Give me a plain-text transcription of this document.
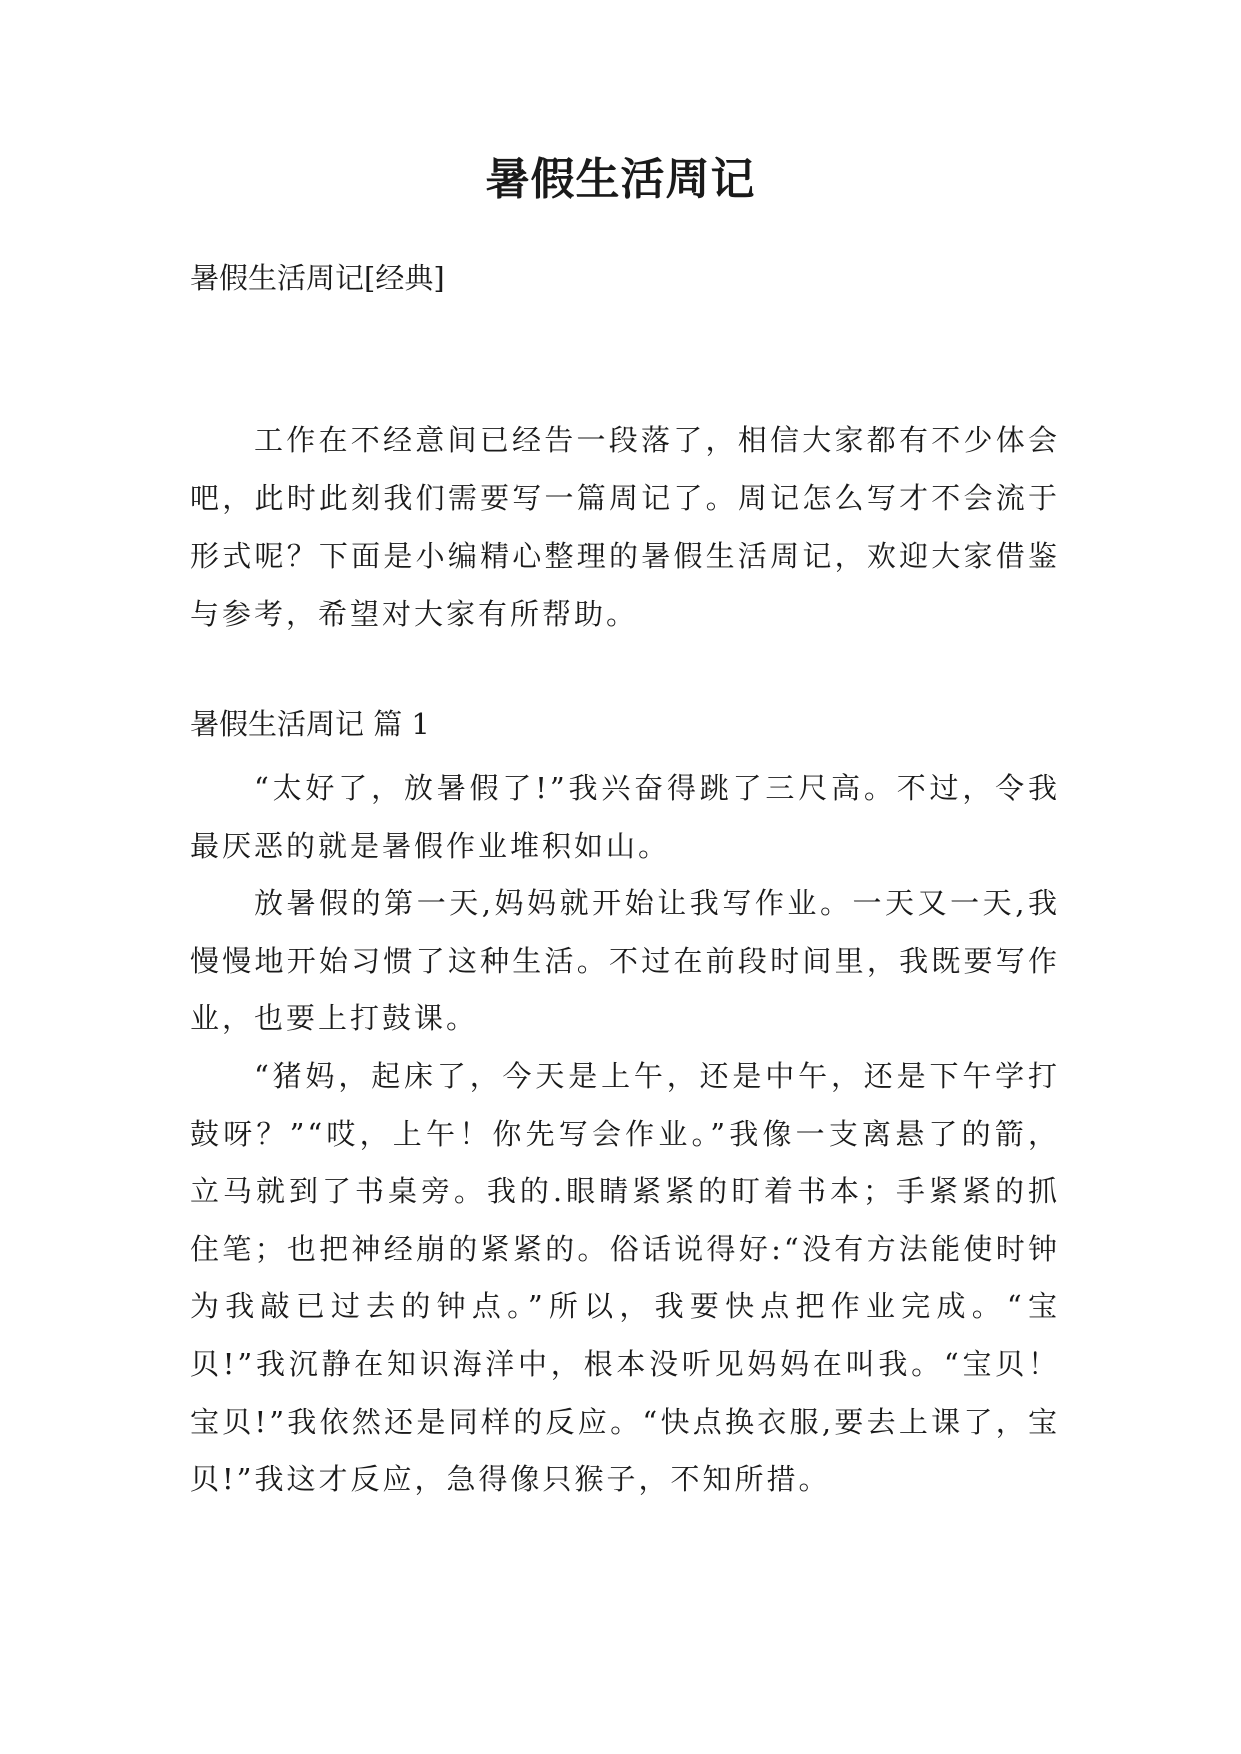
暑假生活周记

暑假生活周记[经典]

工作在不经意间已经告一段落了，相信大家都有不少体会吧，此时此刻我们需要写一篇周记了。周记怎么写才不会流于形式呢？下面是小编精心整理的暑假生活周记，欢迎大家借鉴与参考，希望对大家有所帮助。

暑假生活周记 篇 1

“太好了，放暑假了!”我兴奋得跳了三尺高。不过，令我最厌恶的就是暑假作业堆积如山。

放暑假的第一天,妈妈就开始让我写作业。一天又一天,我慢慢地开始习惯了这种生活。不过在前段时间里，我既要写作业，也要上打鼓课。

“猪妈，起床了，今天是上午，还是中午，还是下午学打鼓呀？”“哎，上午！你先写会作业。”我像一支离悬了的箭，立马就到了书桌旁。我的.眼睛紧紧的盯着书本；手紧紧的抓住笔；也把神经崩的紧紧的。俗话说得好:“没有方法能使时钟为我敲已过去的钟点。”所以，我要快点把作业完成。“宝贝!”我沉静在知识海洋中，根本没听见妈妈在叫我。“宝贝！宝贝!”我依然还是同样的反应。“快点换衣服,要去上课了，宝贝!”我这才反应，急得像只猴子，不知所措。
